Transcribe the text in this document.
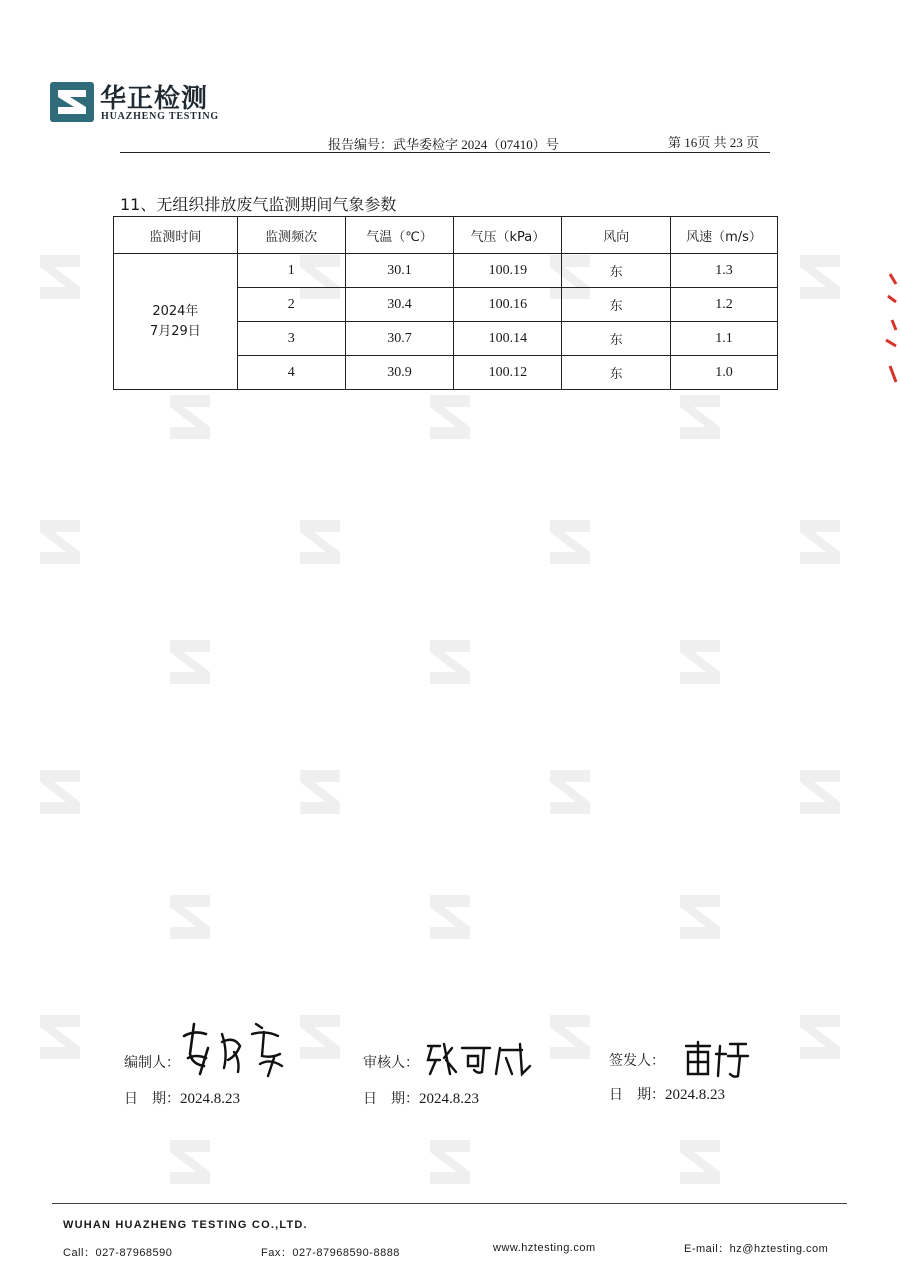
华正检测
HUAZHENG TESTING
报告编号：武华委检字 2024（07410）号	第 16页 共 23 页
11、无组织排放废气监测期间气象参数
监测时间	监测频次	气温（℃）	气压（kPa）	风向	风速（m/s）

2024年
7月29日	1	30.1	100.19	东	1.3
	2	30.4	100.16	东	1.2
	3	30.7	100.14	东	1.1
	4	30.9	100.12	东	1.0
编制人：
日　期：2024.8.23
审核人：
日　期：2024.8.23
签发人：
日　期：2024.8.23
WUHAN HUAZHENG TESTING CO.,LTD.
Call：027-87968590	Fax：027-87968590-8888	www.hztesting.com	E-mail：hz@hztesting.com
